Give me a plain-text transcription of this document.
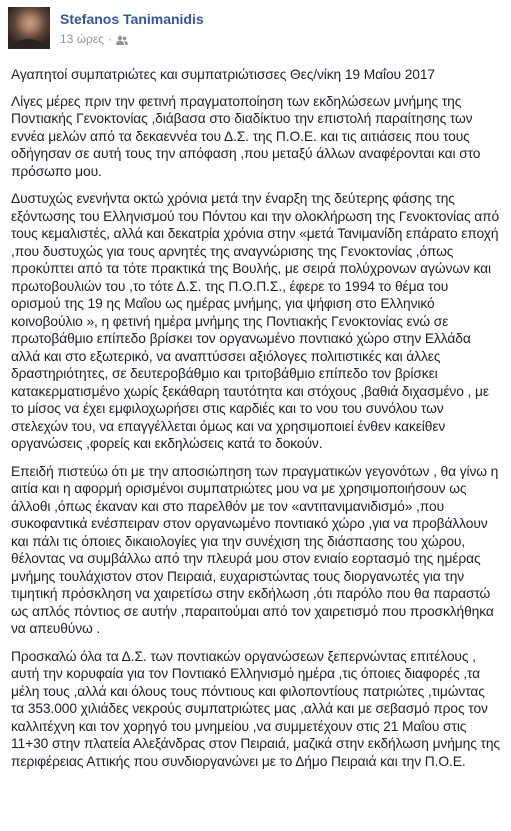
Stefanos Tanimanidis
13 ώρες ·

Αγαπητοί συμπατριώτες και συμπατριώτισσες Θες/νίκη 19 Μαΐου 2017

Λίγες μέρες πριν την φετινή πραγματοποίηση των εκδηλώσεων μνήμης της Ποντιακής Γενοκτονίας ,διάβασα στο διαδίκτυο την επιστολή παραίτησης των εννέα μελών από τα δεκαεννέα του Δ.Σ. της Π.Ο.Ε. και τις αιτιάσεις που τους οδήγησαν σε αυτή τους την απόφαση ,που μεταξύ άλλων αναφέρονται και στο πρόσωπο μου.

Δυστυχώς ενενήντα οκτώ χρόνια μετά την έναρξη της δεύτερης φάσης της εξόντωσης του Ελληνισμού του Πόντου και την ολοκλήρωση της Γενοκτονίας από τους κεμαλιστές, αλλά και δεκατρία χρόνια στην «μετά Τανιμανίδη επάρατο εποχή ,που δυστυχώς για τους αρνητές της αναγνώρισης της Γενοκτονίας ,όπως προκύπτει από τα τότε πρακτικά της Βουλής, με σειρά πολύχρονων αγώνων και πρωτοβουλιών του ,το τότε Δ.Σ. της Π.Ο.Π.Σ., έφερε το 1994 το θέμα του ορισμού της 19 ης Μαΐου ως ημέρας μνήμης, για ψήφιση στο Ελληνικό κοινοβούλιο », η φετινή ημέρα μνήμης της Ποντιακής Γενοκτονίας ενώ σε πρωτοβάθμιο επίπεδο βρίσκει τον οργανωμένο ποντιακό χώρο στην Ελλάδα αλλά και στο εξωτερικό, να αναπτύσσει αξιόλογες πολιτιστικές και άλλες δραστηριότητες, σε δευτεροβάθμιο και τριτοβάθμιο επίπεδο τον βρίσκει κατακερματισμένο χωρίς ξεκάθαρη ταυτότητα και στόχους ,βαθιά διχασμένο , με το μίσος να έχει εμφιλοχωρήσει στις καρδιές και το νου του συνόλου των στελεχών του, να επαγγέλλεται όμως και να χρησιμοποιεί ένθεν κακείθεν οργανώσεις ,φορείς και εκδηλώσεις κατά το δοκούν.

Επειδή πιστεύω ότι με την αποσιώπηση των πραγματικών γεγονότων , θα γίνω η αιτία και η αφορμή ορισμένοι συμπατριώτες μου να με χρησιμοποιήσουν ως άλλοθι ,όπως έκαναν και στο παρελθόν με τον «αντιτανιμανιδισμό» ,που συκοφαντικά ενέσπειραν στον οργανωμένο ποντιακό χώρο ,για να προβάλλουν και πάλι τις όποιες δικαιολογίες για την συνέχιση της διάσπασης του χώρου, θέλοντας να συμβάλλω από την πλευρά μου στον ενιαίο εορτασμό της ημέρας μνήμης τουλάχιστον στον Πειραιά, ευχαριστώντας τους διοργανωτές για την τιμητική πρόσκληση να χαιρετίσω στην εκδήλωση ,ότι παρόλο που θα παραστώ ως απλός πόντιος σε αυτήν ,παραιτούμαι από τον χαιρετισμό που προσκλήθηκα να απευθύνω .

Προσκαλώ όλα τα Δ.Σ. των ποντιακών οργανώσεων ξεπερνώντας επιτέλους , αυτή την κορυφαία για τον Ποντιακό Ελληνισμό ημέρα ,τις όποιες διαφορές ,τα μέλη τους ,αλλά και όλους τους πόντιους και φιλοποντίους πατριώτες ,τιμώντας τα 353.000 χιλιάδες νεκρούς συμπατριώτες μας ,αλλά και με σεβασμό προς τον καλλιτέχνη και τον χορηγό του μνημείου ,να συμμετέχουν στις 21 Μαΐου στις 11+30 στην πλατεία Αλεξάνδρας στον Πειραιά, μαζικά στην εκδήλωση μνήμης της περιφέρειας Αττικής που συνδιοργανώνει με το Δήμο Πειραιά και την Π.Ο.Ε.
